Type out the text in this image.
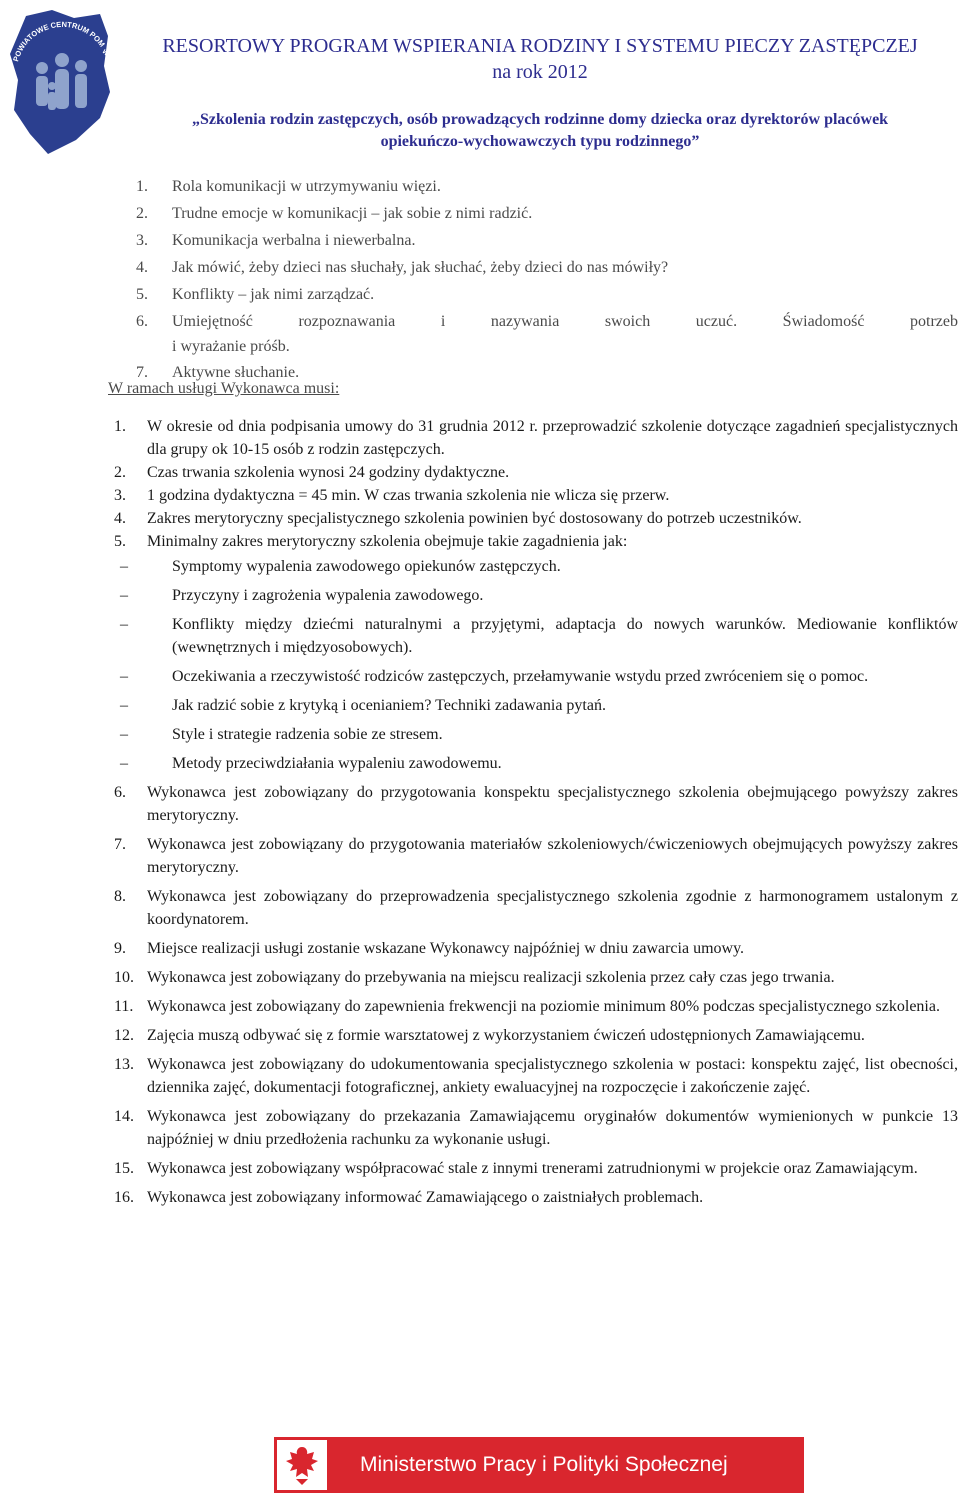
POWIATOWE CENTRUM POM
w O
RESORTOWY PROGRAM WSPIERANIA RODZINY I SYSTEMU PIECZY ZASTĘPCZEJ
na rok 2012
„Szkolenia rodzin zastępczych, osób prowadzących rodzinne domy dziecka oraz dyrektorów placówek
opiekuńczo-wychowawczych typu rodzinnego”
1.	Rola komunikacji w utrzymywaniu więzi.
2.	Trudne emocje w komunikacji – jak sobie z nimi radzić.
3.	Komunikacja werbalna i niewerbalna.
4.	Jak mówić, żeby dzieci nas słuchały, jak słuchać, żeby dzieci do nas mówiły?
5.	Konflikty – jak nimi zarządzać.
6.	Umiejętność rozpoznawania i nazywania swoich uczuć. Świadomość potrzeb
i wyrażanie próśb.
7.	Aktywne słuchanie.
W ramach usługi Wykonawca musi:
1.	W okresie od dnia podpisania umowy do 31 grudnia 2012 r. przeprowadzić szkolenie dotyczące zagadnień specjalistycznych dla grupy ok 10-15 osób z rodzin zastępczych.
2.	Czas trwania szkolenia wynosi 24 godziny dydaktyczne.
3.	1 godzina dydaktyczna = 45 min. W czas trwania szkolenia nie wlicza się przerw.
4.	Zakres merytoryczny specjalistycznego szkolenia powinien być dostosowany do potrzeb uczestników.
5.	Minimalny zakres merytoryczny szkolenia obejmuje takie zagadnienia jak:
–	Symptomy wypalenia zawodowego opiekunów zastępczych.
–	Przyczyny i zagrożenia wypalenia zawodowego.
–	Konflikty między dziećmi naturalnymi a przyjętymi, adaptacja do nowych warunków. Mediowanie konfliktów (wewnętrznych i międzyosobowych).
–	Oczekiwania a rzeczywistość rodziców zastępczych, przełamywanie wstydu przed zwróceniem się o pomoc.
–	Jak radzić sobie z krytyką i ocenianiem? Techniki zadawania pytań.
–	Style i strategie radzenia sobie ze stresem.
–	Metody przeciwdziałania wypaleniu zawodowemu.
6.	Wykonawca jest zobowiązany do przygotowania konspektu specjalistycznego szkolenia obejmującego powyższy zakres merytoryczny.
7.	Wykonawca jest zobowiązany do przygotowania materiałów szkoleniowych/ćwiczeniowych obejmujących powyższy zakres merytoryczny.
8.	Wykonawca jest zobowiązany do przeprowadzenia specjalistycznego szkolenia zgodnie z harmonogramem ustalonym z koordynatorem.
9.	Miejsce realizacji usługi zostanie wskazane Wykonawcy najpóźniej w dniu zawarcia umowy.
10. Wykonawca jest zobowiązany do przebywania na miejscu realizacji szkolenia przez cały czas jego trwania.
11. Wykonawca jest zobowiązany do zapewnienia frekwencji na poziomie minimum 80% podczas specjalistycznego szkolenia.
12. Zajęcia muszą odbywać się z formie warsztatowej z wykorzystaniem ćwiczeń udostępnionych Zamawiającemu.
13. Wykonawca jest zobowiązany do udokumentowania specjalistycznego szkolenia w postaci: konspektu zajęć, list obecności, dziennika zajęć, dokumentacji fotograficznej, ankiety ewaluacyjnej na rozpoczęcie i zakończenie zajęć.
14. Wykonawca jest zobowiązany do przekazania Zamawiającemu oryginałów dokumentów wymienionych w punkcie 13 najpóźniej w dniu przedłożenia rachunku za wykonanie usługi.
15. Wykonawca jest zobowiązany współpracować stale z innymi trenerami zatrudnionymi w projekcie oraz Zamawiającym.
16. Wykonawca jest zobowiązany informować Zamawiającego o zaistniałych problemach.
Ministerstwo Pracy i Polityki Społecznej
